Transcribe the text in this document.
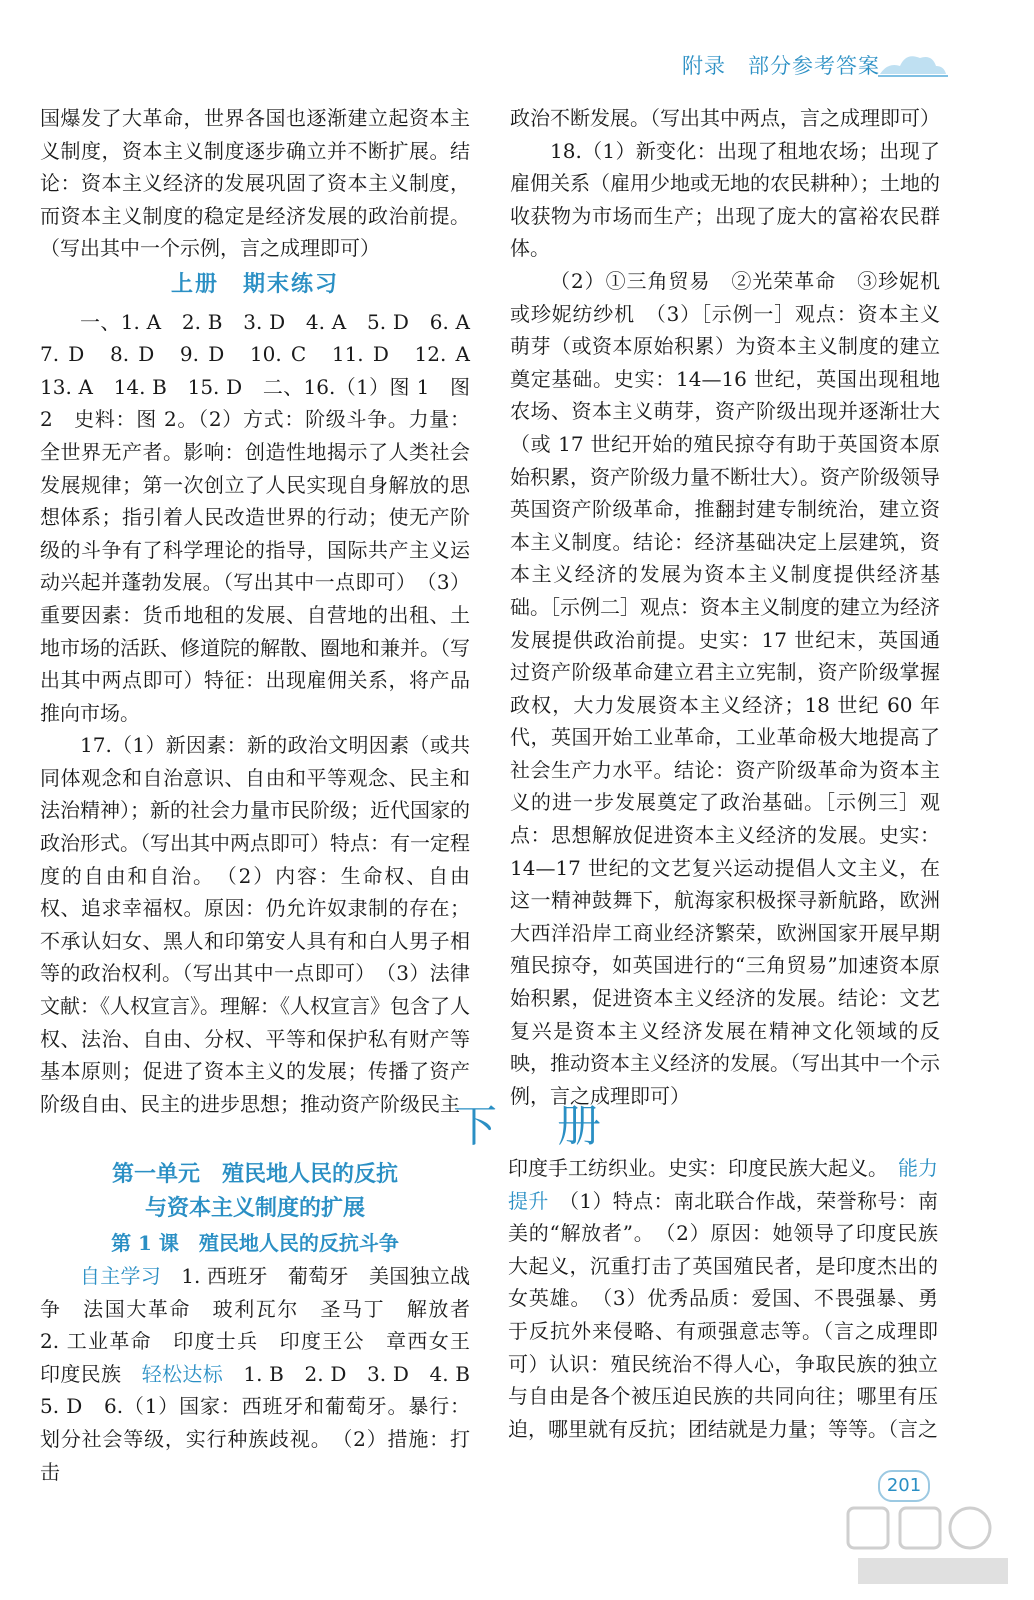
附录　部分参考答案

国爆发了大革命，世界各国也逐渐建立起资本主义制度，资本主义制度逐步确立并不断扩展。结论：资本主义经济的发展巩固了资本主义制度，而资本主义制度的稳定是经济发展的政治前提。（写出其中一个示例，言之成理即可）

上册　期末练习

一、1. A　2. B　3. D　4. A　5. D　6. A　7. D　8. D　9. D　10. C　11. D　12. A　13. A　14. B　15. D　二、16.（1）图 1　图 2　史料：图 2。（2）方式：阶级斗争。力量：全世界无产者。影响：创造性地揭示了人类社会发展规律；第一次创立了人民实现自身解放的思想体系；指引着人民改造世界的行动；使无产阶级的斗争有了科学理论的指导，国际共产主义运动兴起并蓬勃发展。（写出其中一点即可）　（3）重要因素：货币地租的发展、自营地的出租、土地市场的活跃、修道院的解散、圈地和兼并。（写出其中两点即可）特征：出现雇佣关系，将产品推向市场。

17.（1）新因素：新的政治文明因素（或共同体观念和自治意识、自由和平等观念、民主和法治精神）；新的社会力量市民阶级；近代国家的政治形式。（写出其中两点即可）特点：有一定程度的自由和自治。　（2）内容：生命权、自由权、追求幸福权。原因：仍允许奴隶制的存在；不承认妇女、黑人和印第安人具有和白人男子相等的政治权利。（写出其中一点即可）　（3）法律文献：《人权宣言》。理解：《人权宣言》包含了人权、法治、自由、分权、平等和保护私有财产等基本原则；促进了资本主义的发展；传播了资产阶级自由、民主的进步思想；推动资产阶级民主

政治不断发展。（写出其中两点，言之成理即可）

18.（1）新变化：出现了租地农场；出现了雇佣关系（雇用少地或无地的农民耕种）；土地的收获物为市场而生产；出现了庞大的富裕农民群体。

（2）①三角贸易　②光荣革命　③珍妮机或珍妮纺纱机　（3）［示例一］观点：资本主义萌芽（或资本原始积累）为资本主义制度的建立奠定基础。史实：14—16 世纪，英国出现租地农场、资本主义萌芽，资产阶级出现并逐渐壮大（或 17 世纪开始的殖民掠夺有助于英国资本原始积累，资产阶级力量不断壮大）。资产阶级领导英国资产阶级革命，推翻封建专制统治，建立资本主义制度。结论：经济基础决定上层建筑，资本主义经济的发展为资本主义制度提供经济基础。［示例二］观点：资本主义制度的建立为经济发展提供政治前提。史实：17 世纪末，英国通过资产阶级革命建立君主立宪制，资产阶级掌握政权，大力发展资本主义经济；18 世纪 60 年代，英国开始工业革命，工业革命极大地提高了社会生产力水平。结论：资产阶级革命为资本主义的进一步发展奠定了政治基础。［示例三］观点：思想解放促进资本主义经济的发展。史实：14—17 世纪的文艺复兴运动提倡人文主义，在这一精神鼓舞下，航海家积极探寻新航路，欧洲大西洋沿岸工商业经济繁荣，欧洲国家开展早期殖民掠夺，如英国进行的“三角贸易”加速资本原始积累，促进资本主义经济的发展。结论：文艺复兴是资本主义经济发展在精神文化领域的反映，推动资本主义经济的发展。（写出其中一个示例，言之成理即可）

下册
第一单元　殖民地人民的反抗
与资本主义制度的扩展
第 1 课　殖民地人民的反抗斗争

自主学习　1. 西班牙　葡萄牙　美国独立战争　法国大革命　玻利瓦尔　圣马丁　解放者　2. 工业革命　印度士兵　印度王公　章西女王　印度民族　轻松达标　1. B　2. D　3. D　4. B　5. D　6.（1）国家：西班牙和葡萄牙。暴行：划分社会等级，实行种族歧视。　（2）措施：打击

印度手工纺织业。史实：印度民族大起义。　能力提升　（1）特点：南北联合作战，荣誉称号：南美的“解放者”。　（2）原因：她领导了印度民族大起义，沉重打击了英国殖民者，是印度杰出的女英雄。　（3）优秀品质：爱国、不畏强暴、勇于反抗外来侵略、有顽强意志等。（言之成理即可）认识：殖民统治不得人心，争取民族的独立与自由是各个被压迫民族的共同向往；哪里有压迫，哪里就有反抗；团结就是力量；等等。（言之

201
